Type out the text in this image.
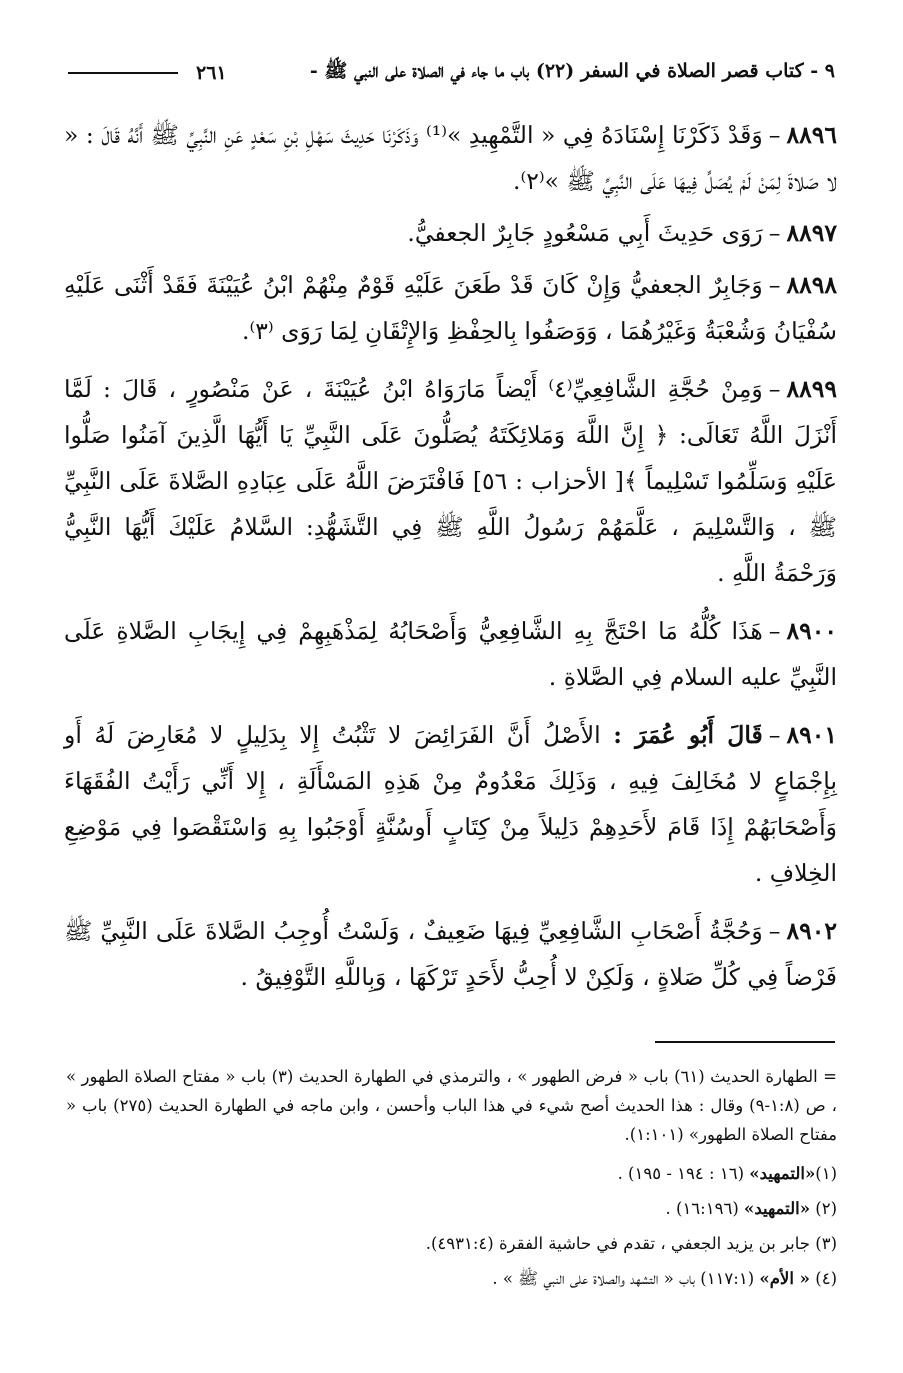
٩ - كتاب قصر الصلاة في السفر (٢٢) باب ما جاء في الصلاة على النبي ﷺ -
٢٦١

٨٨٩٦–وَقَدْ ذَكَرْنَا إِسْنَادَهُ فِي « التَّمْهِيدِ »⁽¹⁾ وَذَكَرْنَا حَدِيثَ سَهْلِ بْنِ سَعْدٍ عَنِ النَّبِيِّ ﷺ أَنَّهُ قَالَ : « لا صَلاةَ لِمَنْ لَمْ يُصَلِّ فِيهَا عَلَى النَّبِيِّ ﷺ »⁽٢⁾.

٨٨٩٧–رَوَى حَدِيثَ أَبِي مَسْعُودٍ جَابِرٌ الجعفيُّ.

٨٨٩٨–وَجَابِرٌ الجعفيُّ وَإِنْ كَانَ قَدْ طَعَنَ عَلَيْهِ قَوْمٌ مِنْهُمْ ابْنُ عُيَيْنَةَ فَقَدْ أَثْنَى عَلَيْهِ سُفْيَانُ وَشُعْبَةُ وَغَيْرُهُمَا ، وَوَصَفُوا بِالحِفْظِ وَالإِتْقَانِ لِمَا رَوَى ⁽٣⁾.

٨٨٩٩–وَمِنْ حُجَّةِ الشَّافِعِيِّ⁽٤⁾ أَيْضاً مَارَوَاهُ ابْنُ عُيَيْنَةَ ، عَنْ مَنْصُورٍ ، قَالَ : لَمَّا أَنْزَلَ اللَّهُ تَعَالَى: ﴿ إِنَّ اللَّهَ وَمَلائِكَتَهُ يُصَلُّونَ عَلَى النَّبِيِّ يَا أَيُّهَا الَّذِينَ آمَنُوا صَلُّوا عَلَيْهِ وَسَلِّمُوا تَسْلِيماً ﴾[ الأحزاب : ٥٦] فَافْتَرَضَ اللَّهُ عَلَى عِبَادِهِ الصَّلاةَ عَلَى النَّبِيِّ ﷺ ، وَالتَّسْلِيمَ ، عَلَّمَهُمْ رَسُولُ اللَّهِ ﷺ فِي التَّشَهُّدِ: السَّلامُ عَلَيْكَ أَيُّهَا النَّبِيُّ وَرَحْمَةُ اللَّهِ .

٨٩٠٠–هَذَا كُلُّهُ مَا احْتَجَّ بِهِ الشَّافِعِيُّ وَأَصْحَابُهُ لِمَذْهَبِهِمْ فِي إِيجَابِ الصَّلاةِ عَلَى النَّبِيِّ عليه السلام فِي الصَّلاةِ .

٨٩٠١–قَالَ أَبُو عُمَرَ : الأَصْلُ أَنَّ الفَرَائِضَ لا تَثْبُتُ إِلا بِدَلِيلٍ لا مُعَارِضَ لَهُ أَو بِإِجْمَاعٍ لا مُخَالِفَ فِيهِ ، وَذَلِكَ مَعْدُومٌ مِنْ هَذِهِ المَسْأَلَةِ ، إِلا أَنِّي رَأَيْتُ الفُقَهَاءَ وَأَصْحَابَهُمْ إِذَا قَامَ لأَحَدِهِمْ دَلِيلاً مِنْ كِتَابٍ أَوسُنَّةٍ أَوْجَبُوا بِهِ وَاسْتَقْصَوا فِي مَوْضِعِ الخِلافِ .

٨٩٠٢–وَحُجَّةُ أَصْحَابِ الشَّافِعِيِّ فِيهَا ضَعِيفٌ ، وَلَسْتُ أُوجِبُ الصَّلاةَ عَلَى النَّبِيِّ ﷺ فَرْضاً فِي كُلِّ صَلاةٍ ، وَلَكِنْ لا أُحِبُّ لأَحَدٍ تَرْكَهَا ، وَبِاللَّهِ التَّوْفِيقُ .

= الطهارة الحديث (٦١) باب « فرض الطهور » ، والترمذي في الطهارة الحديث (٣) باب « مفتاح الصلاة الطهور » ، ص (١:٨-٩) وقال : هذا الحديث أصح شيء في هذا الباب وأحسن ، وابن ماجه في الطهارة الحديث (٢٧٥) باب « مفتاح الصلاة الطهور» (١:١٠١).

(١)«التمهيد» (١٦ : ١٩٤ - ١٩٥) .

(٢) «التمهيد» (١٦:١٩٦) .

(٣) جابر بن يزيد الجعفي ، تقدم في حاشية الفقرة (٤٩٣١:٤).

(٤) « الأم» (١١٧:١) باب « التشهد والصلاة على النبي ﷺ » .
